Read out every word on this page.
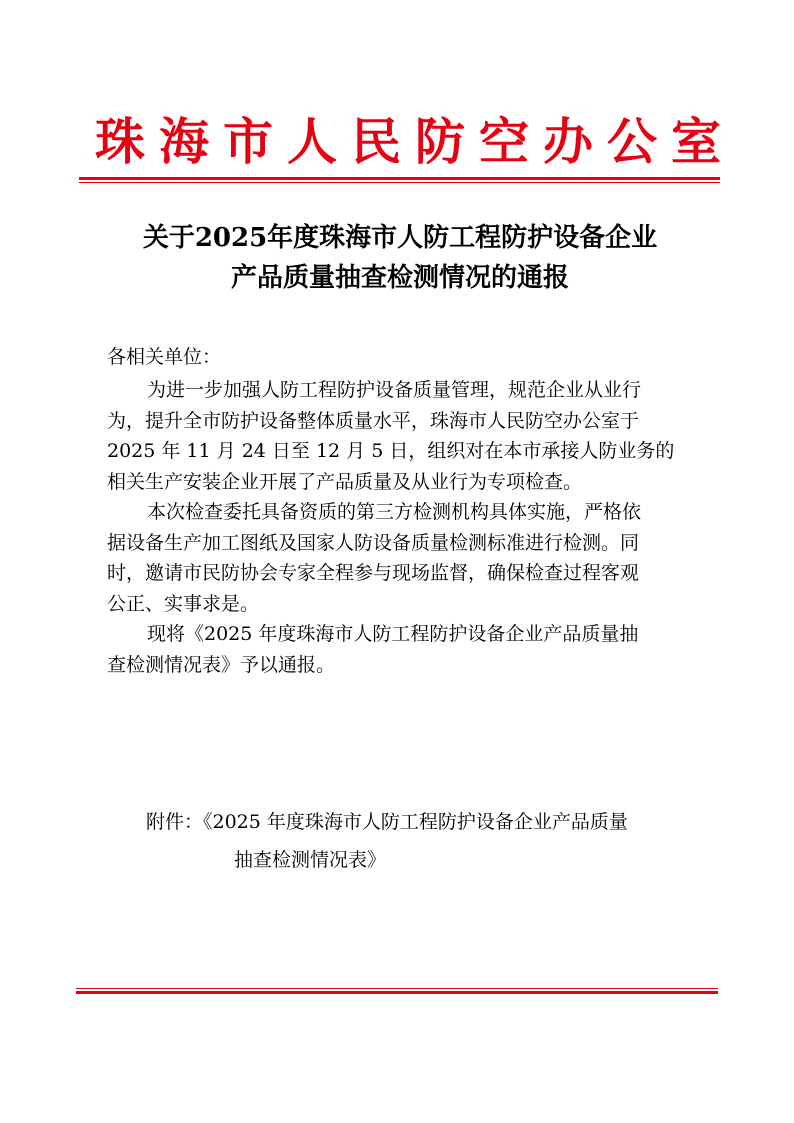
珠海市人民防空办公室
关于2025年度珠海市人防工程防护设备企业
产品质量抽查检测情况的通报

各相关单位：

为进一步加强人防工程防护设备质量管理，规范企业从业行
为，提升全市防护设备整体质量水平，珠海市人民防空办公室于
2025 年 11 月 24 日至 12 月 5 日，组织对在本市承接人防业务的
相关生产安装企业开展了产品质量及从业行为专项检查。

本次检查委托具备资质的第三方检测机构具体实施，严格依
据设备生产加工图纸及国家人防设备质量检测标准进行检测。同
时，邀请市民防协会专家全程参与现场监督，确保检查过程客观
公正、实事求是。

现将《2025 年度珠海市人防工程防护设备企业产品质量抽
查检测情况表》予以通报。

附件：《2025 年度珠海市人防工程防护设备企业产品质量
抽查检测情况表》
